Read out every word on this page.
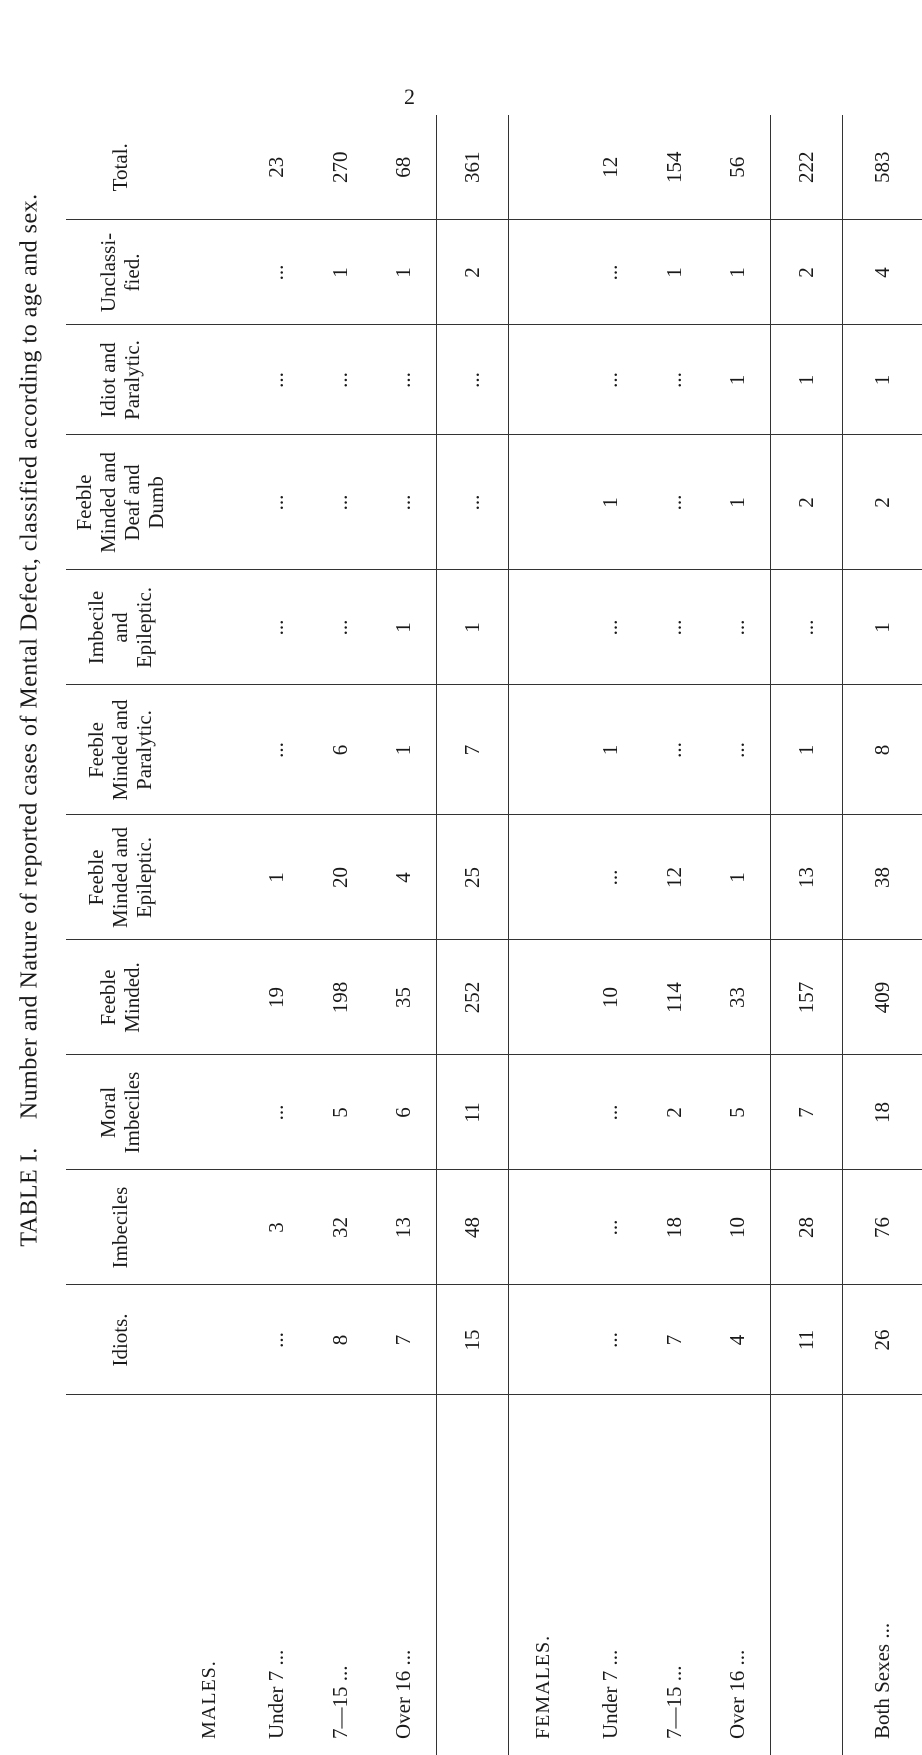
2
TABLE I.Number and Nature of reported cases of Mental Defect, classified according to age and sex.
	Idiots.	Imbeciles	Moral Imbeciles	Feeble Minded.	Feeble Minded and Epileptic.	Feeble Minded and Paralytic.	Imbecile and Epileptic.	Feeble Minded and Deaf and Dumb	Idiot and Paralytic.	Unclassi- fied.	Total.
MALES.											
Under 7 ...	...	3	...	19	1	...	...	...	...	...	23
7—15 ...	8	32	5	198	20	6	...	...	...	1	270
Over 16 ...	7	13	6	35	4	1	1	...	...	1	68
	15	48	11	252	25	7	1	...	...	2	361
FEMALES.											
Under 7 ...	...	...	...	10	...	1	...	1	...	...	12
7—15 ...	7	18	2	114	12	...	...	...	...	1	154
Over 16 ...	4	10	5	33	1	...	...	1	1	1	56
	11	28	7	157	13	1	...	2	1	2	222
Both Sexes ...	26	76	18	409	38	8	1	2	1	4	583
